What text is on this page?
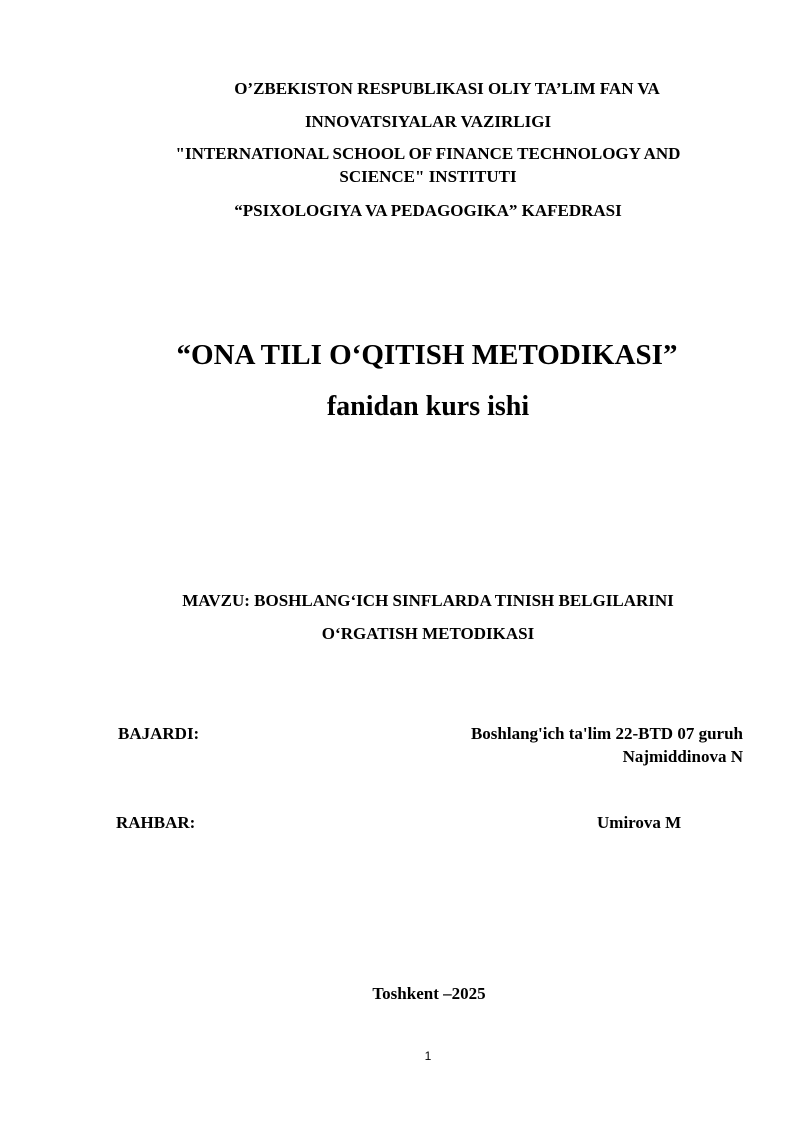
O’ZBEKISTON RESPUBLIKASI OLIY TA’LIM FAN VA
INNOVATSIYALAR VAZIRLIGI
"INTERNATIONAL SCHOOL OF FINANCE TECHNOLOGY AND
SCIENCE" INSTITUTI
“PSIXOLOGIYA VA PEDAGOGIKA” KAFEDRASI
“ONA TILI O‘QITISH METODIKASI”
fanidan kurs ishi
MAVZU: BOSHLANG‘ICH SINFLARDA TINISH BELGILARINI
O‘RGATISH METODIKASI
BAJARDI:	Boshlang'ich ta'lim 22-BTD 07 guruh
Najmiddinova N
RAHBAR:	Umirova M
Toshkent –2025
1
